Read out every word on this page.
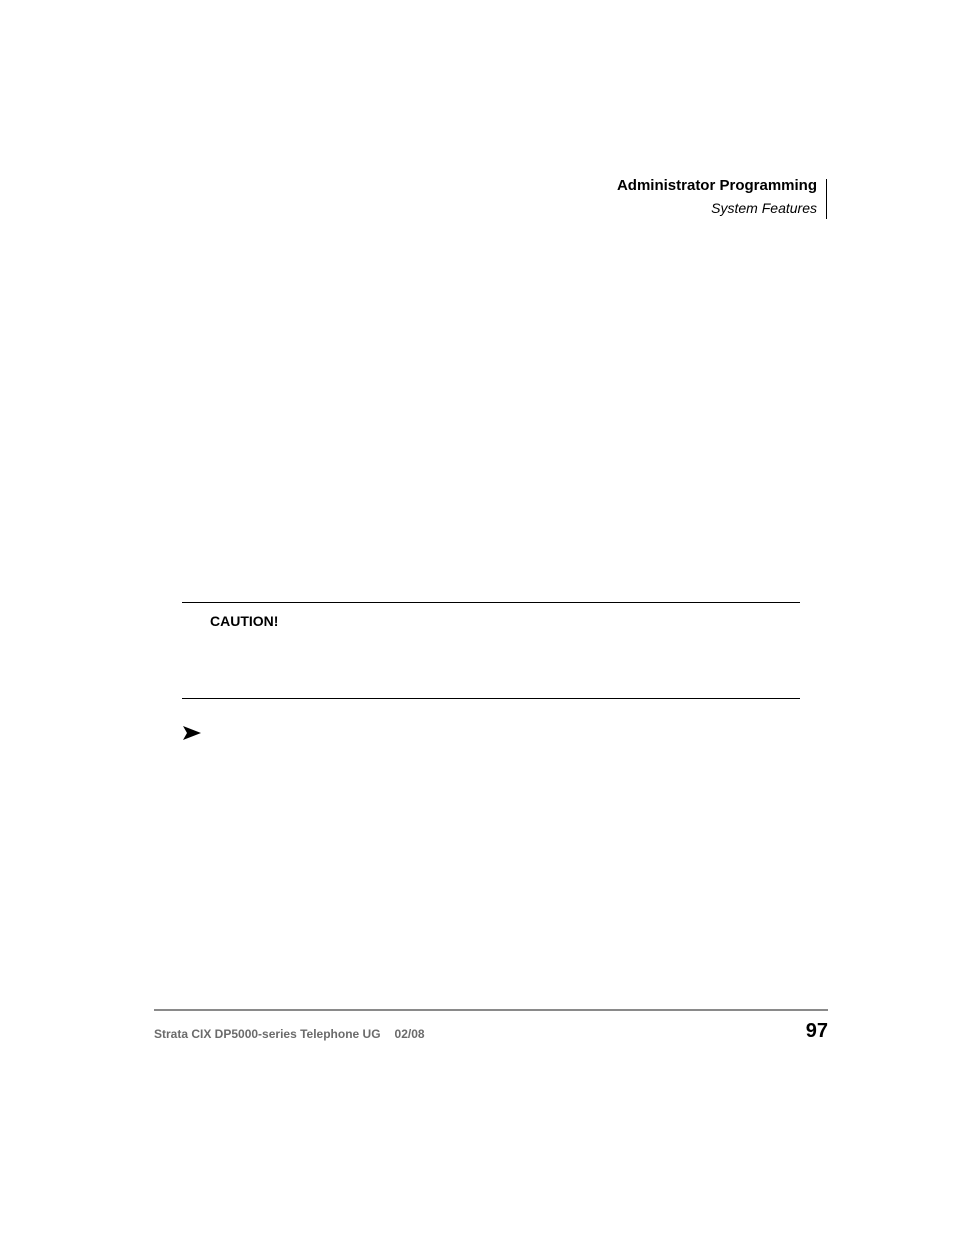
Administrator Programming
System Features
CAUTION!
Strata CIX DP5000-series Telephone UG 02/08	97
